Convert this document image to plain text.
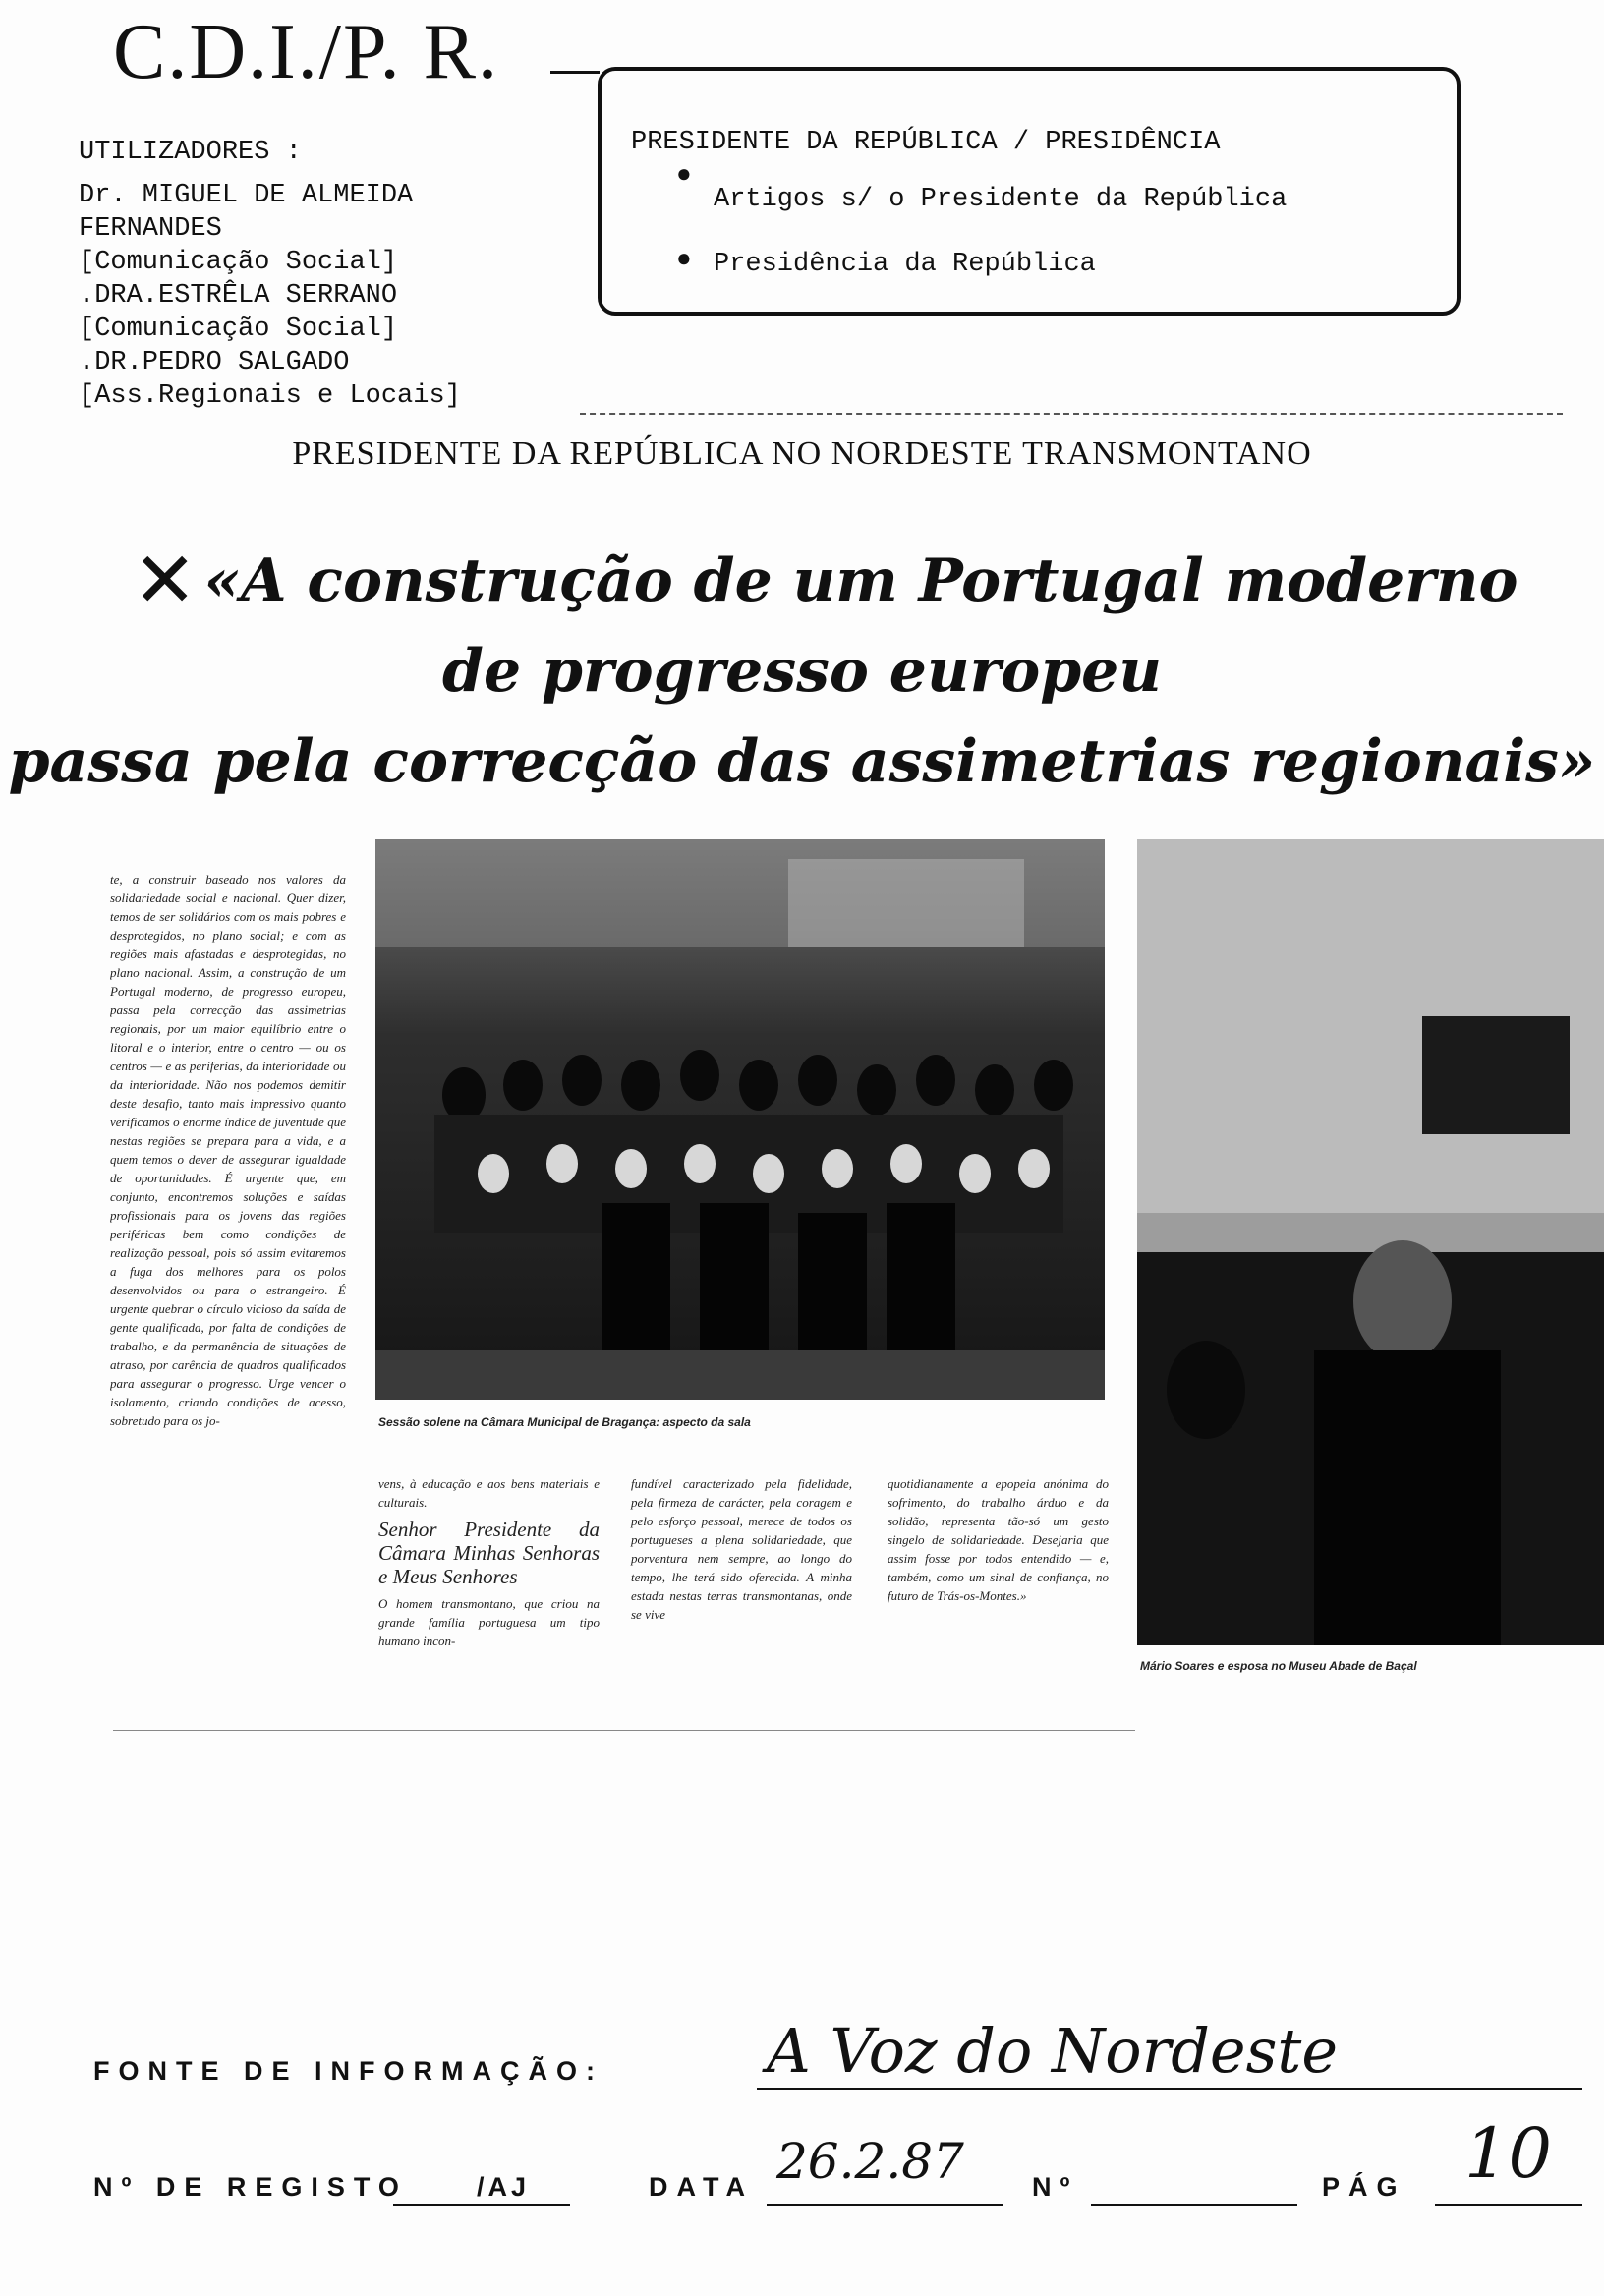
C.D.I./P. R.
UTILIZADORES :
Dr. MIGUEL DE ALMEIDA
FERNANDES
[Comunicação Social]
.DRA.ESTRÊLA SERRANO
[Comunicação Social]
.DR.PEDRO SALGADO
[Ass.Regionais e Locais]
PRESIDENTE DA REPÚBLICA / PRESIDÊNCIA
●
Artigos s/ o Presidente da República
● Presidência da República
PRESIDENTE DA REPÚBLICA NO NORDESTE TRANSMONTANO
✕ «A construção de um Portugal moderno
de progresso europeu
passa pela correcção das assimetrias regionais»

te, a construir baseado nos valores da solidariedade social e nacional. Quer dizer, temos de ser solidários com os mais pobres e desprotegidos, no plano social; e com as regiões mais afastadas e desprotegidas, no plano nacional. Assim, a construção de um Portugal moderno, de progresso europeu, passa pela correcção das assimetrias regionais, por um maior equilíbrio entre o litoral e o interior, entre o centro — ou os centros — e as periferias, da interioridade ou da interioridade. Não nos podemos demitir deste desafio, tanto mais impressivo quanto verificamos o enorme índice de juventude que nestas regiões se prepara para a vida, e a quem temos o dever de assegurar igualdade de oportunidades. É urgente que, em conjunto, encontremos soluções e saídas profissionais para os jovens das regiões periféricas bem como condições de realização pessoal, pois só assim evitaremos a fuga dos melhores para os polos desenvolvidos ou para o estrangeiro. É urgente quebrar o círculo vicioso da saída de gente qualificada, por falta de condições de trabalho, e da permanência de situações de atraso, por carência de quadros qualificados para assegurar o progresso. Urge vencer o isolamento, criando condições de acesso, sobretudo para os jo-	Sessão solene na Câmara Municipal de Bragança: aspecto da sala
Mário Soares e esposa no Museu Abade de Baçal

vens, à educação e aos bens materiais e culturais.

Senhor Presidente da Câmara Minhas Senhoras e Meus Senhores

O homem transmontano, que criou na grande família portuguesa um tipo humano incon-

fundível caracterizado pela fidelidade, pela firmeza de carácter, pela coragem e pelo esforço pessoal, merece de todos os portugueses a plena solidariedade, que porventura nem sempre, ao longo do tempo, lhe terá sido oferecida. A minha estada nestas terras transmontanas, onde se vive

quotidianamente a epopeia anónima do sofrimento, do trabalho árduo e da solidão, representa tão-só um gesto singelo de solidariedade. Desejaria que assim fosse por todos entendido — e, também, como um sinal de confiança, no futuro de Trás-os-Montes.»

FONTE DE INFORMAÇÃO:	A Voz do Nordeste
Nº DE REGISTO	/AJ	DATA 26.2.87	Nº	PÁG 10
